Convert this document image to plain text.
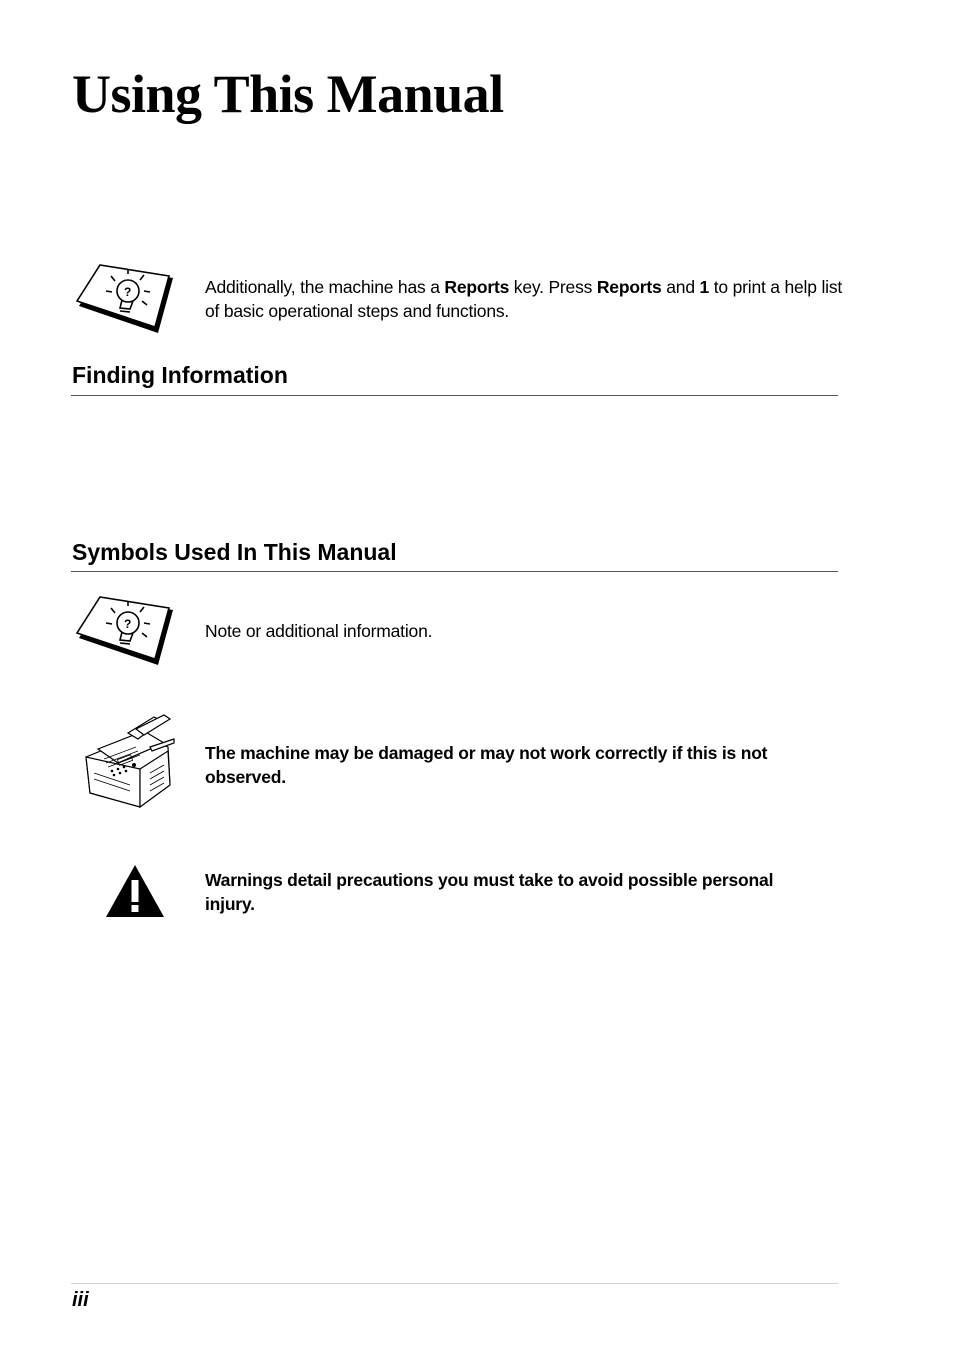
Using This Manual
?	Additionally, the machine has a Reports key. Press Reports and 1 to print a help list of basic operational steps and functions.
Finding Information
Symbols Used In This Manual
?	Note or additional information.
The machine may be damaged or may not work correctly if this is not observed.
Warnings detail precautions you must take to avoid possible personal injury.
iii
